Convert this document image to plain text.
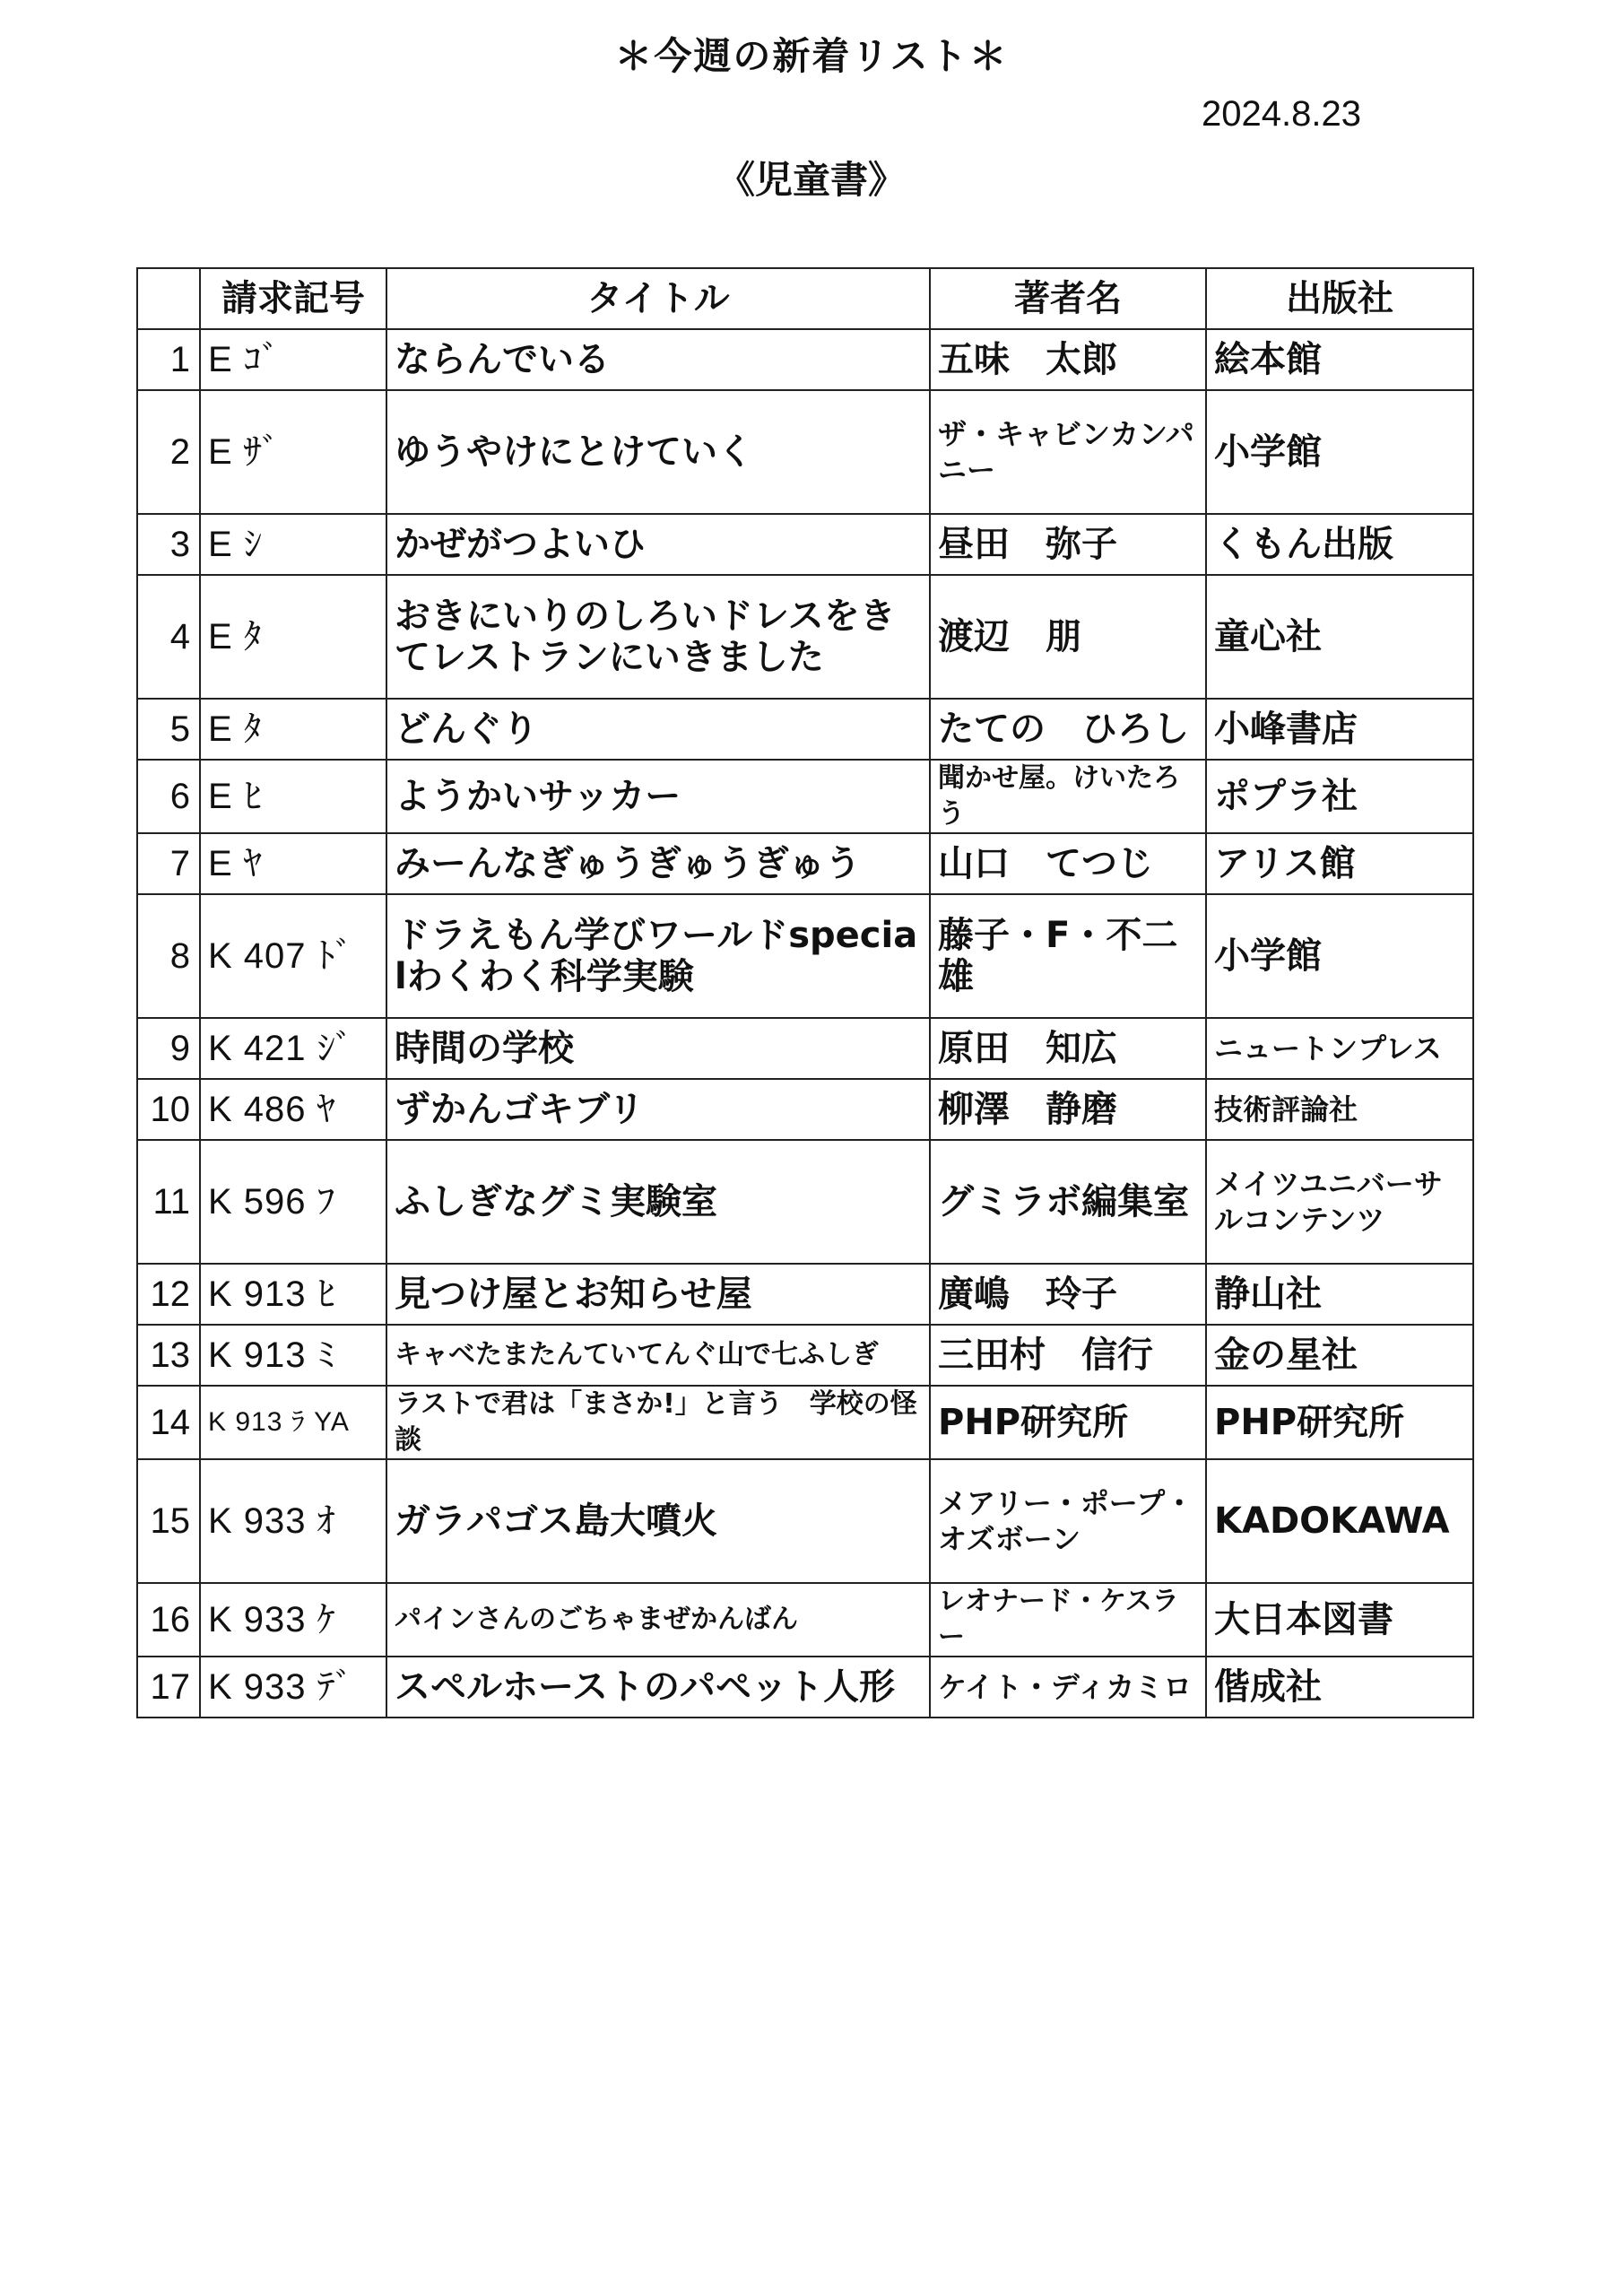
＊今週の新着リスト＊
2024.8.23
《児童書》
	請求記号	タイトル	著者名	出版社
1	E ｺﾞ	ならんでいる	五味　太郎	絵本館
2	E ｻﾞ	ゆうやけにとけていく	ザ・キャビンカンパニー	小学館
3	E ｼ	かぜがつよいひ	昼田　弥子	くもん出版
4	E ﾀ	おきにいりのしろいドレスをきてレストランにいきました	渡辺　朋	童心社
5	E ﾀ	どんぐり	たての　ひろし	小峰書店
6	E ﾋ	ようかいサッカー	聞かせ屋。けいたろう	ポプラ社
7	E ﾔ	みーんなぎゅうぎゅうぎゅう	山口　てつじ	アリス館
8	K 407 ﾄﾞ	ドラえもん学びワールドspecialわくわく科学実験	藤子・F・不二雄	小学館
9	K 421 ｼﾞ	時間の学校	原田　知広	ニュートンプレス
10	K 486 ﾔ	ずかんゴキブリ	柳澤　静磨	技術評論社
11	K 596 ﾌ	ふしぎなグミ実験室	グミラボ編集室	メイツユニバーサルコンテンツ
12	K 913 ﾋ	見つけ屋とお知らせ屋	廣嶋　玲子	静山社
13	K 913 ﾐ	キャベたまたんていてんぐ山で七ふしぎ	三田村　信行	金の星社
14	K 913 ﾗ YA	ラストで君は「まさか!」と言う　学校の怪談	PHP研究所	PHP研究所
15	K 933 ｵ	ガラパゴス島大噴火	メアリー・ポープ・オズボーン	KADOKAWA
16	K 933 ｹ	パインさんのごちゃまぜかんばん	レオナード・ケスラー	大日本図書
17	K 933 ﾃﾞ	スペルホーストのパペット人形	ケイト・ディカミロ	偕成社
